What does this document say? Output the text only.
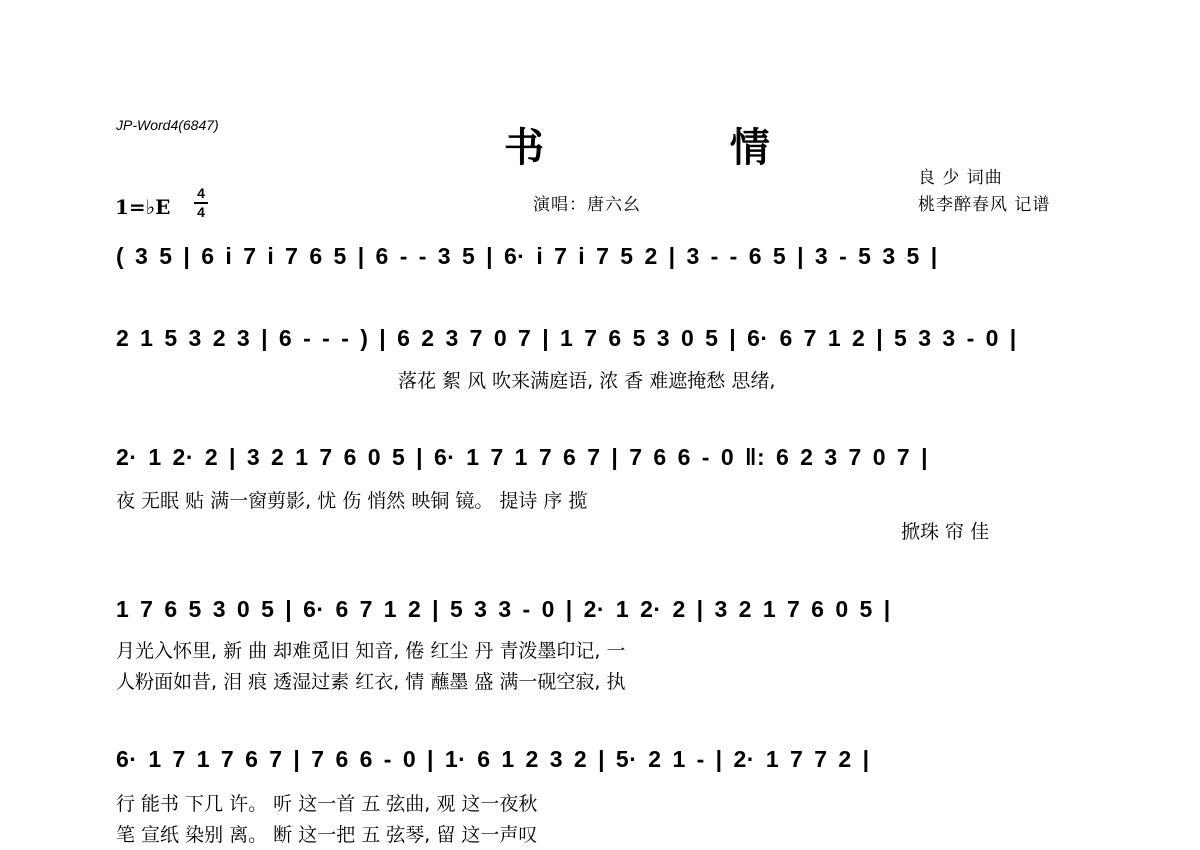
JP-Word4(6847)	书 情
良 少 词曲
桃李醉春风 记谱
演唱：唐六幺
1=♭E
4
4
( 3 5 | 6 i 7 i 7 6 5 | 6 - - 3 5 | 6· i 7 i 7 5 2 | 3 - - 6 5 | 3 - 5 3 5 |
2 1 5 3 2 3 | 6 - - - ) | 6 2 3 7 0 7 | 1 7 6 5 3 0 5 | 6· 6 7 1 2 | 5 3 3 - 0 |
落花 絮 风 吹来满庭语, 浓 香 难遮掩愁 思绪,
2· 1 2· 2 | 3 2 1 7 6 0 5 | 6· 1 7 1 7 6 7 | 7 6 6 - 0 ‖: 6 2 3 7 0 7 |
夜 无眠 贴 满一窗剪影, 忧 伤 悄然 映铜 镜。 提诗 序 揽
掀珠 帘 佳
1 7 6 5 3 0 5 | 6· 6 7 1 2 | 5 3 3 - 0 | 2· 1 2· 2 | 3 2 1 7 6 0 5 |
月光入怀里, 新 曲 却难觅旧 知音, 倦 红尘 丹 青泼墨印记, 一
人粉面如昔, 泪 痕 透湿过素 红衣, 情 蘸墨 盛 满一砚空寂, 执
6· 1 7 1 7 6 7 | 7 6 6 - 0 | 1· 6 1 2 3 2 | 5· 2 1 - | 2· 1 7 7 2 |
行 能书 下几 许。 听 这一首 五 弦曲, 观 这一夜秋
笔 宣纸 染别 离。 断 这一把 五 弦琴, 留 这一声叹
